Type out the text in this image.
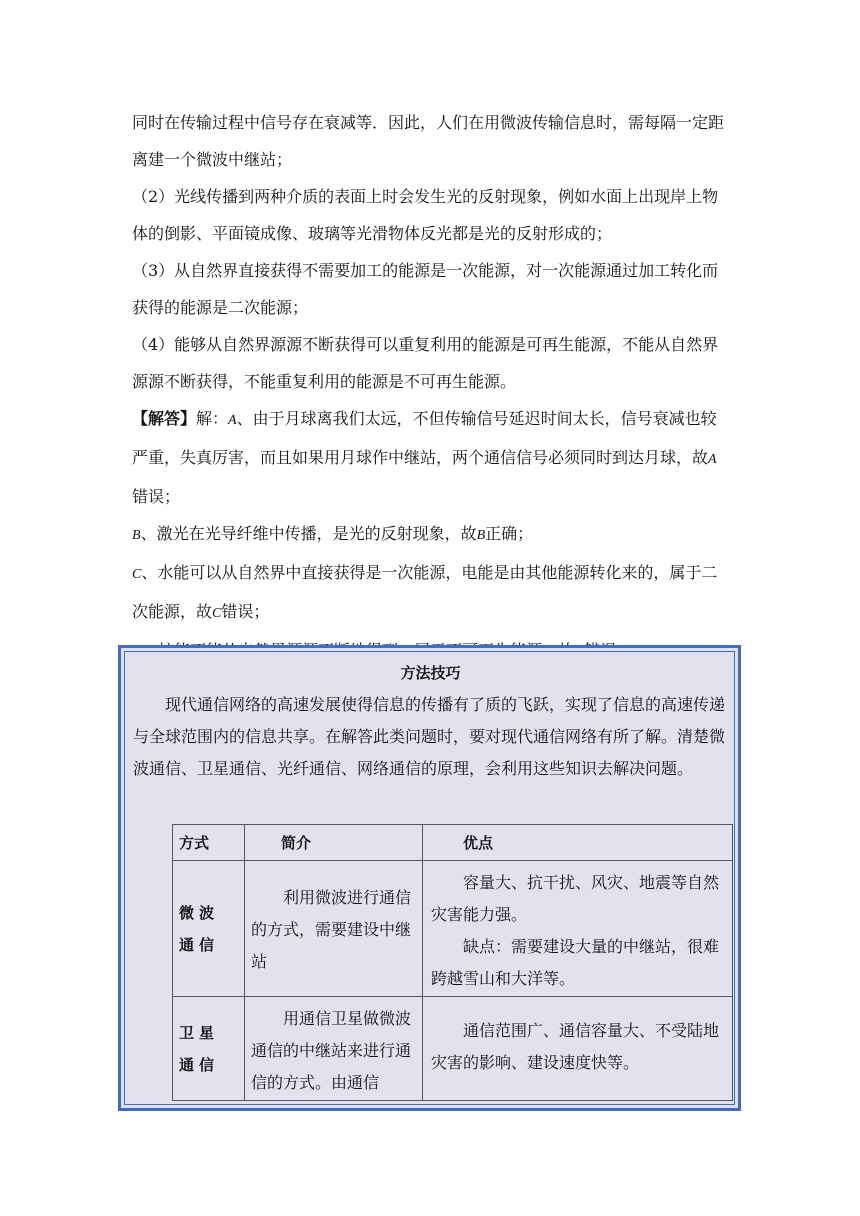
同时在传输过程中信号存在衰减等．因此，人们在用微波传输信息时，需每隔一定距离建一个微波中继站；

（2）光线传播到两种介质的表面上时会发生光的反射现象，例如水面上出现岸上物体的倒影、平面镜成像、玻璃等光滑物体反光都是光的反射形成的；

（3）从自然界直接获得不需要加工的能源是一次能源，对一次能源通过加工转化而获得的能源是二次能源；

（4）能够从自然界源源不断获得可以重复利用的能源是可再生能源，不能从自然界源源不断获得，不能重复利用的能源是不可再生能源。

【解答】解：A、由于月球离我们太远，不但传输信号延迟时间太长，信号衰减也较严重，失真厉害，而且如果用月球作中继站，两个通信信号必须同时到达月球，故A错误；

B、激光在光导纤维中传播，是光的反射现象，故B正确；

C、水能可以从自然界中直接获得是一次能源，电能是由其他能源转化来的，属于二次能源，故C错误；

方法技巧

现代通信网络的高速发展使得信息的传播有了质的飞跃，实现了信息的高速传递与全球范围内的信息共享。在解答此类问题时，要对现代通信网络有所了解。清楚微波通信、卫星通信、光纤通信、网络通信的原理，会利用这些知识去解决问题。

方式	简介	优点
微波通信	利用微波进行通信的方式，需要建设中继站	容量大、抗干扰、风灾、地震等自然灾害能力强。

缺点：需要建设大量的中继站，很难跨越雪山和大洋等。

卫星通信	用通信卫星做微波通信的中继站来进行通信的方式。由通信	通信范围广、通信容量大、不受陆地灾害的影响、建设速度快等。
